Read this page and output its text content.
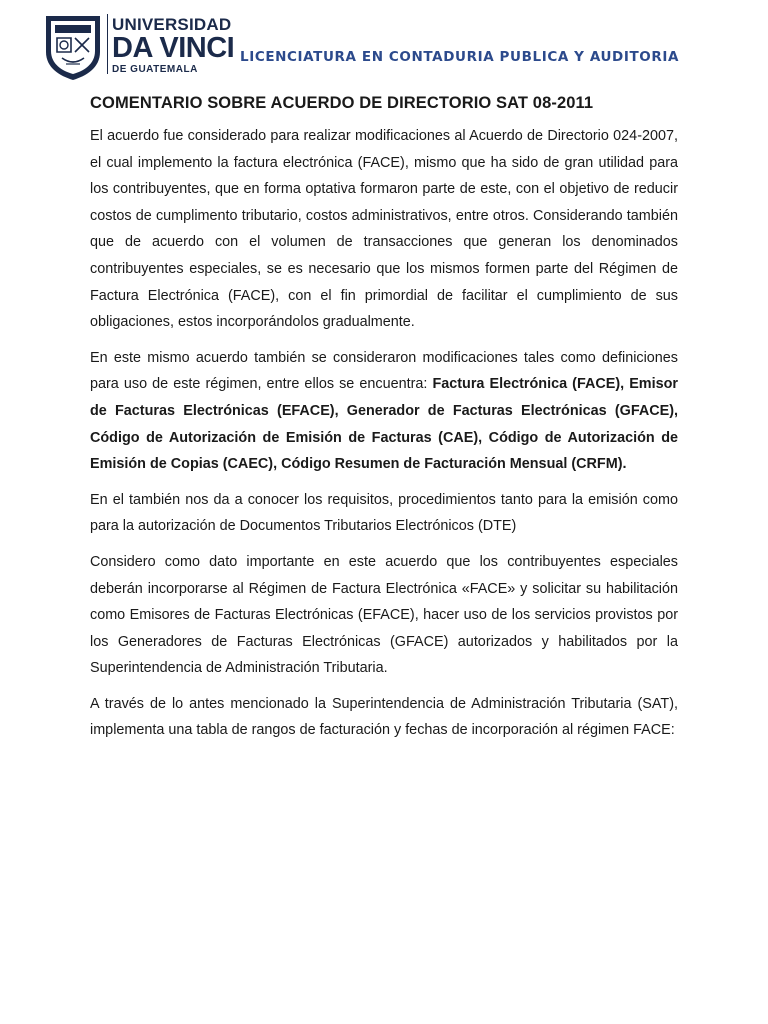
UNIVERSIDAD
DA VINCI
DE GUATEMALA
LICENCIATURA EN CONTADURIA PUBLICA Y AUDITORIA
COMENTARIO SOBRE ACUERDO DE DIRECTORIO SAT 08-2011

El acuerdo fue considerado para realizar modificaciones al Acuerdo de Directorio 024-2007, el cual implemento la factura electrónica (FACE), mismo que ha sido de gran utilidad para los contribuyentes, que en forma optativa formaron parte de este, con el objetivo de reducir costos de cumplimento tributario, costos administrativos, entre otros. Considerando también que de acuerdo con el volumen de transacciones que generan los denominados contribuyentes especiales, se es necesario que los mismos formen parte del Régimen de Factura Electrónica (FACE), con el fin primordial de facilitar el cumplimiento de sus obligaciones, estos incorporándolos gradualmente.

En este mismo acuerdo también se consideraron modificaciones tales como definiciones para uso de este régimen, entre ellos se encuentra: Factura Electrónica (FACE), Emisor de Facturas Electrónicas (EFACE), Generador de Facturas Electrónicas (GFACE), Código de Autorización de Emisión de Facturas (CAE), Código de Autorización de Emisión de Copias (CAEC), Código Resumen de Facturación Mensual (CRFM).

En el también nos da a conocer los requisitos, procedimientos tanto para la emisión como para la autorización de Documentos Tributarios Electrónicos (DTE)

Considero como dato importante en este acuerdo que los contribuyentes especiales deberán incorporarse al Régimen de Factura Electrónica «FACE» y solicitar su habilitación como Emisores de Facturas Electrónicas (EFACE), hacer uso de los servicios provistos por los Generadores de Facturas Electrónicas (GFACE) autorizados y habilitados por la Superintendencia de Administración Tributaria.

A través de lo antes mencionado la Superintendencia de Administración Tributaria (SAT), implementa una tabla de rangos de facturación y fechas de incorporación al régimen FACE:
